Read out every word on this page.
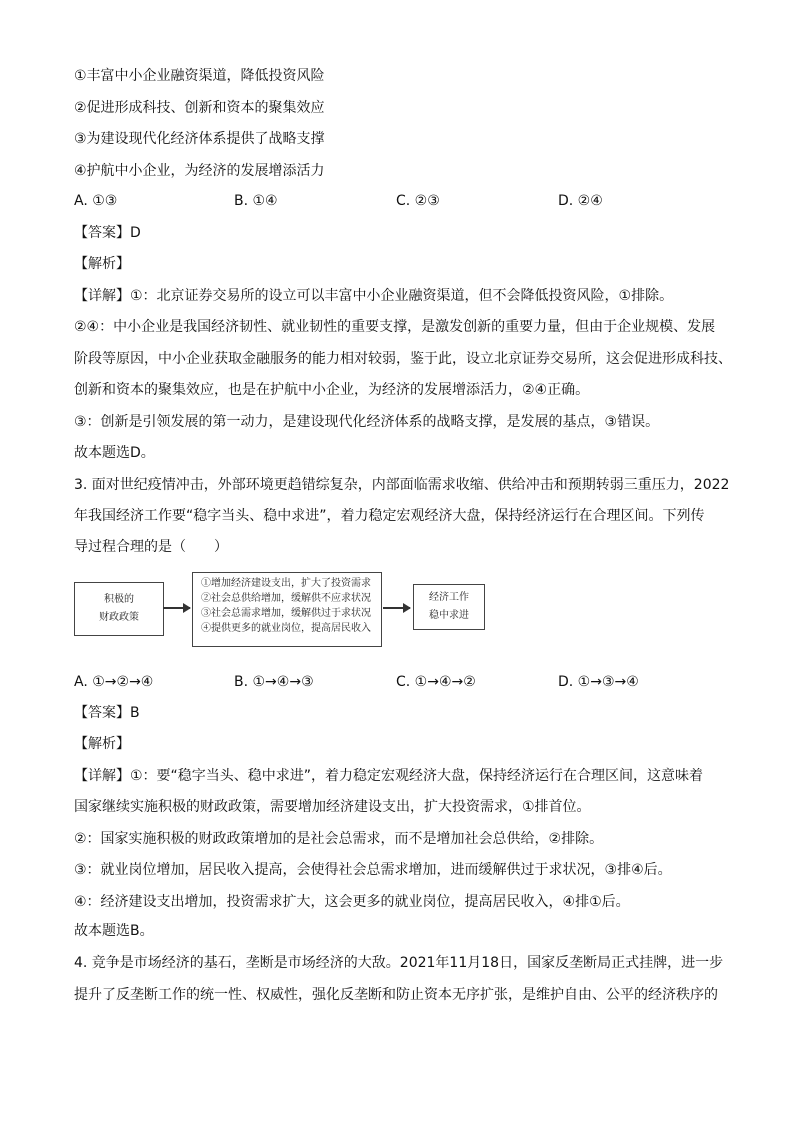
①丰富中小企业融资渠道，降低投资风险
②促进形成科技、创新和资本的聚集效应
③为建设现代化经济体系提供了战略支撑
④护航中小企业，为经济的发展增添活力
A. ①③	B. ①④	C. ②③	D. ②④
【答案】D
【解析】
【详解】①：北京证券交易所的设立可以丰富中小企业融资渠道，但不会降低投资风险，①排除。
②④：中小企业是我国经济韧性、就业韧性的重要支撑，是激发创新的重要力量，但由于企业规模、发展
阶段等原因，中小企业获取金融服务的能力相对较弱，鉴于此，设立北京证券交易所，这会促进形成科技、
创新和资本的聚集效应，也是在护航中小企业，为经济的发展增添活力，②④正确。
③：创新是引领发展的第一动力，是建设现代化经济体系的战略支撑，是发展的基点，③错误。
故本题选D。
3. 面对世纪疫情冲击，外部环境更趋错综复杂，内部面临需求收缩、供给冲击和预期转弱三重压力，2022
年我国经济工作要“稳字当头、稳中求进”，着力稳定宏观经济大盘，保持经济运行在合理区间。下列传
导过程合理的是（　　）
积极的
财政政策
①增加经济建设支出，扩大了投资需求
②社会总供给增加，缓解供不应求状况
③社会总需求增加，缓解供过于求状况
④提供更多的就业岗位，提高居民收入
经济工作
稳中求进
A. ①→②→④	B. ①→④→③	C. ①→④→②	D. ①→③→④
【答案】B
【解析】
【详解】①：要“稳字当头、稳中求进”，着力稳定宏观经济大盘，保持经济运行在合理区间，这意味着
国家继续实施积极的财政政策，需要增加经济建设支出，扩大投资需求，①排首位。
②：国家实施积极的财政政策增加的是社会总需求，而不是增加社会总供给，②排除。
③：就业岗位增加，居民收入提高，会使得社会总需求增加，进而缓解供过于求状况，③排④后。
④：经济建设支出增加，投资需求扩大，这会更多的就业岗位，提高居民收入，④排①后。
故本题选B。
4. 竞争是市场经济的基石，垄断是市场经济的大敌。2021年11月18日，国家反垄断局正式挂牌，进一步
提升了反垄断工作的统一性、权威性，强化反垄断和防止资本无序扩张，是维护自由、公平的经济秩序的
